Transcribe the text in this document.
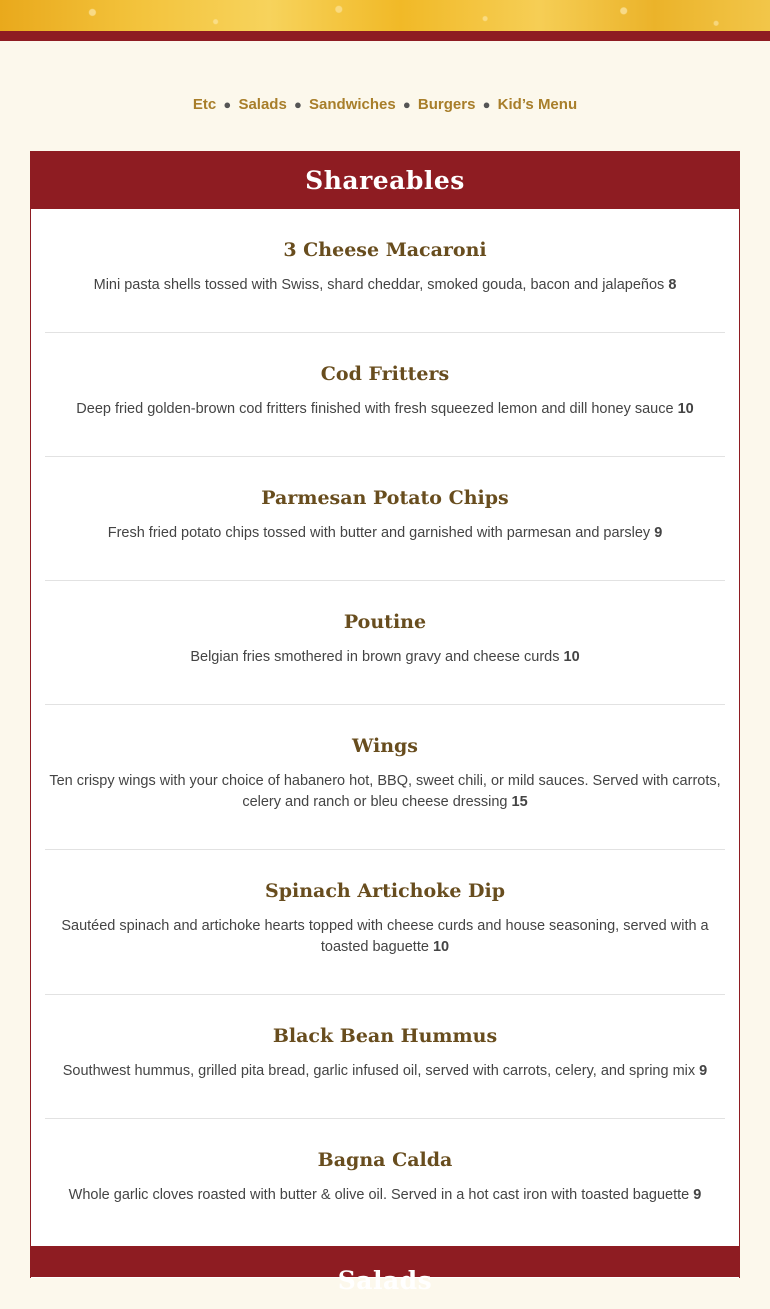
Etc ● Salads ● Sandwiches ● Burgers ● Kid’s Menu
Shareables
3 Cheese Macaroni

Mini pasta shells tossed with Swiss, shard cheddar, smoked gouda, bacon and jalapeños 8

Cod Fritters

Deep fried golden-brown cod fritters finished with fresh squeezed lemon and dill honey sauce 10

Parmesan Potato Chips

Fresh fried potato chips tossed with butter and garnished with parmesan and parsley 9

Poutine

Belgian fries smothered in brown gravy and cheese curds 10

Wings

Ten crispy wings with your choice of habanero hot, BBQ, sweet chili, or mild sauces. Served with carrots, celery and ranch or bleu cheese dressing 15

Spinach Artichoke Dip

Sautéed spinach and artichoke hearts topped with cheese curds and house seasoning, served with a toasted baguette 10

Black Bean Hummus

Southwest hummus, grilled pita bread, garlic infused oil, served with carrots, celery, and spring mix 9

Bagna Calda

Whole garlic cloves roasted with butter & olive oil. Served in a hot cast iron with toasted baguette 9

Salads
